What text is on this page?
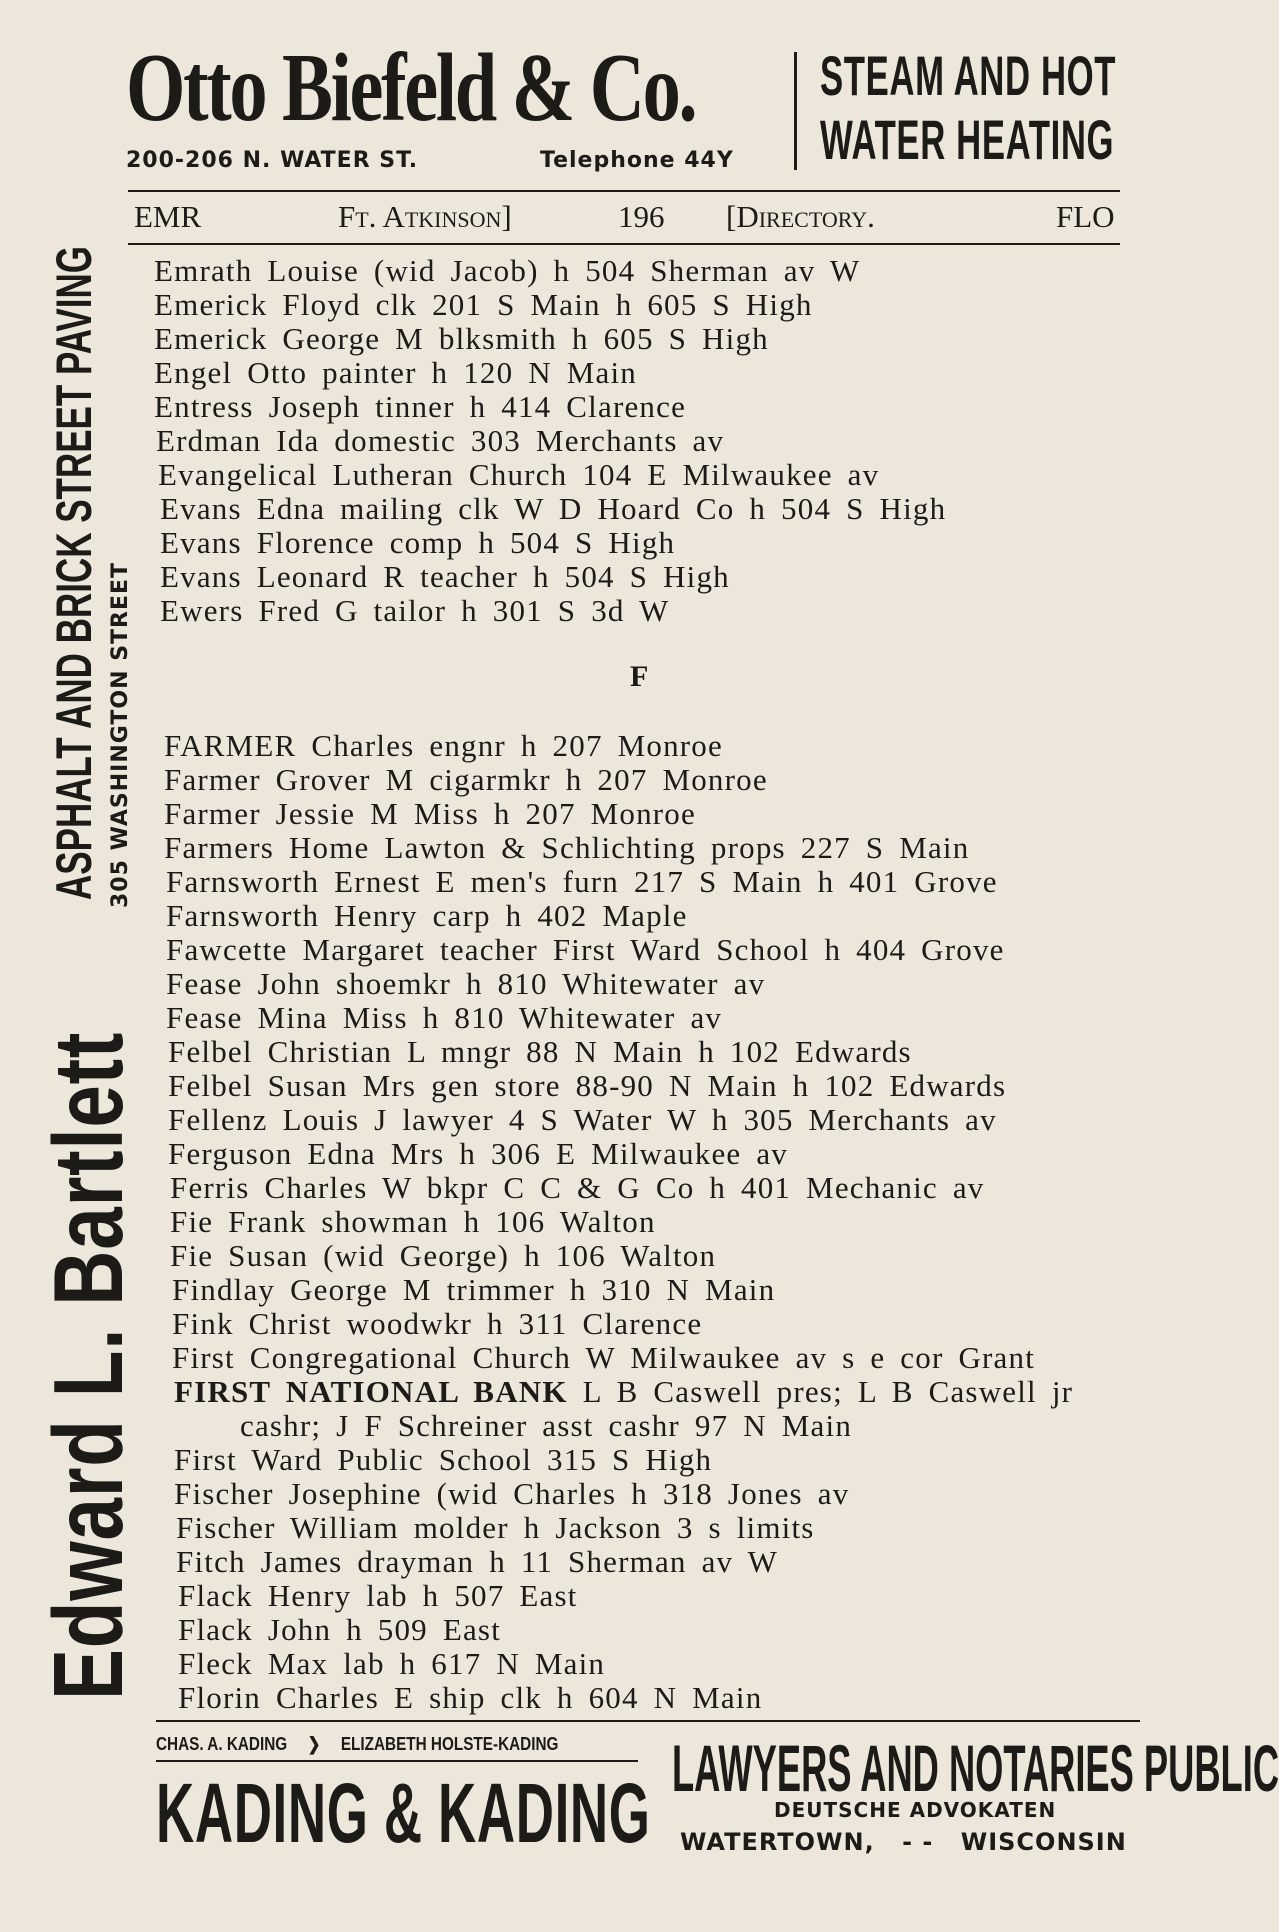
Otto Biefeld & Co.
200-206 N. WATER ST.	Telephone 44Y
STEAM AND HOT
WATER HEATING
EMR	Ft. Atkinson]	196 [Directory.	FLO
Edward L. Bartlett
ASPHALT AND BRICK STREET PAVING 305 WASHINGTON STREET
Emrath Louise (wid Jacob) h 504 Sherman av W
Emerick Floyd clk 201 S Main h 605 S High
Emerick George M blksmith h 605 S High
Engel Otto painter h 120 N Main
Entress Joseph tinner h 414 Clarence
Erdman Ida domestic 303 Merchants av
Evangelical Lutheran Church 104 E Milwaukee av
Evans Edna mailing clk W D Hoard Co h 504 S High
Evans Florence comp h 504 S High
Evans Leonard R teacher h 504 S High
Ewers Fred G tailor h 301 S 3d W
F
FARMER Charles engnr h 207 Monroe
Farmer Grover M cigarmkr h 207 Monroe
Farmer Jessie M Miss h 207 Monroe
Farmers Home Lawton & Schlichting props 227 S Main
Farnsworth Ernest E men's furn 217 S Main h 401 Grove
Farnsworth Henry carp h 402 Maple
Fawcette Margaret teacher First Ward School h 404 Grove
Fease John shoemkr h 810 Whitewater av
Fease Mina Miss h 810 Whitewater av
Felbel Christian L mngr 88 N Main h 102 Edwards
Felbel Susan Mrs gen store 88-90 N Main h 102 Edwards
Fellenz Louis J lawyer 4 S Water W h 305 Merchants av
Ferguson Edna Mrs h 306 E Milwaukee av
Ferris Charles W bkpr C C & G Co h 401 Mechanic av
Fie Frank showman h 106 Walton
Fie Susan (wid George) h 106 Walton
Findlay George M trimmer h 310 N Main
Fink Christ woodwkr h 311 Clarence
First Congregational Church W Milwaukee av s e cor Grant
FIRST NATIONAL BANK L B Caswell pres; L B Caswell jr
cashr; J F Schreiner asst cashr 97 N Main
First Ward Public School 315 S High
Fischer Josephine (wid Charles h 318 Jones av
Fischer William molder h Jackson 3 s limits
Fitch James drayman h 11 Sherman av W
Flack Henry lab h 507 East
Flack John h 509 East
Fleck Max lab h 617 N Main
Florin Charles E ship clk h 604 N Main
CHAS. A. KADING ❯ ELIZABETH HOLSTE-KADING
KADING & KADING LAWYERS AND NOTARIES PUBLIC
DEUTSCHE ADVOKATEN
WATERTOWN, - - WISCONSIN
